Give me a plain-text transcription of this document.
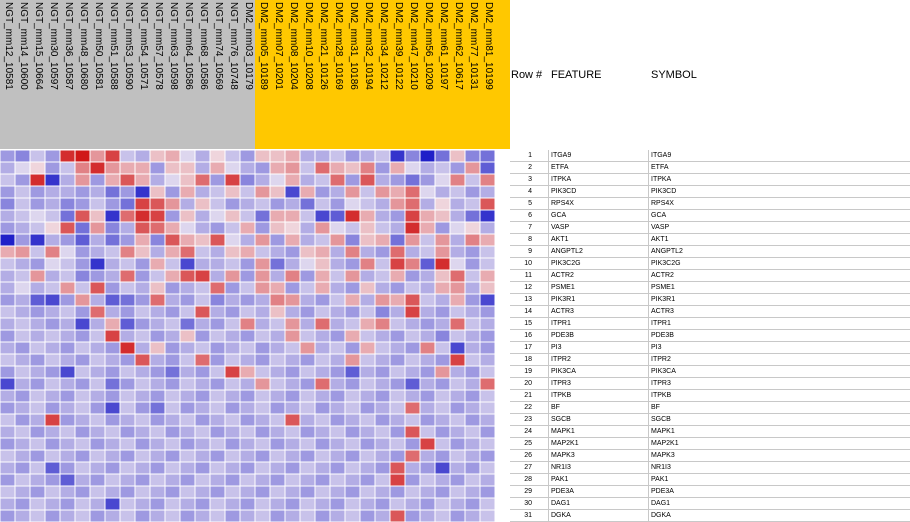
NGT_mm12_10581 NGT_mm14_10600 NGT_mm15_10664 NGT_mm30_10597 NGT_mm36_10587 NGT_mm48_10680 NGT_mm50_10581 NGT_mm51_10588 NGT_mm53_10590 NGT_mm54_10571 NGT_mm57_10578 NGT_mm63_10598 NGT_mm64_10586 NGT_mm68_10586 NGT_mm74_10569 NGT_mm76_10748 DM2_mm03_10179 DM2_mm05_10189 DM2_mm07_10201 DM2_mm08_10204 DM2_mm10_10208 DM2_mm21_10126 DM2_mm28_10169 DM2_mm31_10186 DM2_mm32_10194 DM2_mm34_10212 DM2_mm39_10122 DM2_mm47_10210 DM2_mm56_10209 DM2_mm61_10197 DM2_mm62_10617 DM2_mm77_10131 DM2_mm81_10199 Row # FEATURE	SYMBOL
1	ITGA9	ITGA9
2	ETFA	ETFA
3	ITPKA	ITPKA
4	PIK3CD	PIK3CD
5	RPS4X	RPS4X
6	GCA	GCA
7	VASP	VASP
8	AKT1	AKT1
9	ANGPTL2	ANGPTL2
10	PIK3C2G	PIK3C2G
11	ACTR2	ACTR2
12	PSME1	PSME1
13	PIK3R1	PIK3R1
14	ACTR3	ACTR3
15	ITPR1	ITPR1
16	PDE3B	PDE3B
17	PI3	PI3
18	ITPR2	ITPR2
19	PIK3CA	PIK3CA
20	ITPR3	ITPR3
21	ITPKB	ITPKB
22	BF	BF
23	SGCB	SGCB
24	MAPK1	MAPK1
25	MAP2K1	MAP2K1
26	MAPK3	MAPK3
27	NR1I3	NR1I3
28	PAK1	PAK1
29	PDE3A	PDE3A
30	DAG1	DAG1
31	DGKA	DGKA
